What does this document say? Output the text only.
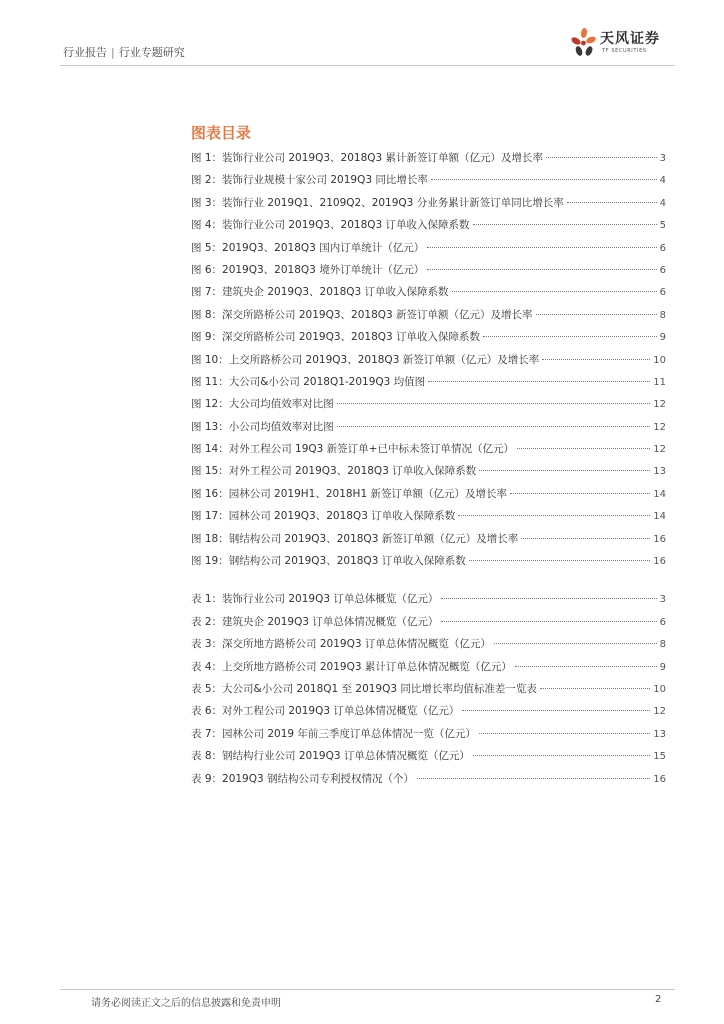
行业报告 | 行业专题研究
天风证券
TF SECURITIES
图表目录
图 1：装饰行业公司 2019Q3、2018Q3 累计新签订单额（亿元）及增长率	3
图 2：装饰行业规模十家公司 2019Q3 同比增长率	4
图 3：装饰行业 2019Q1、2109Q2、2019Q3 分业务累计新签订单同比增长率	4
图 4：装饰行业公司 2019Q3、2018Q3 订单收入保障系数	5
图 5：2019Q3、2018Q3 国内订单统计（亿元）	6
图 6：2019Q3、2018Q3 境外订单统计（亿元）	6
图 7：建筑央企 2019Q3、2018Q3 订单收入保障系数	6
图 8：深交所路桥公司 2019Q3、2018Q3 新签订单额（亿元）及增长率	8
图 9：深交所路桥公司 2019Q3、2018Q3 订单收入保障系数	9
图 10：上交所路桥公司 2019Q3、2018Q3 新签订单额（亿元）及增长率	10
图 11：大公司&小公司 2018Q1-2019Q3 均值图	11
图 12：大公司均值效率对比图	12
图 13：小公司均值效率对比图	12
图 14：对外工程公司 19Q3 新签订单+已中标未签订单情况（亿元）	12
图 15：对外工程公司 2019Q3、2018Q3 订单收入保障系数	13
图 16：园林公司 2019H1、2018H1 新签订单额（亿元）及增长率	14
图 17：园林公司 2019Q3、2018Q3 订单收入保障系数	14
图 18：钢结构公司 2019Q3、2018Q3 新签订单额（亿元）及增长率	16
图 19：钢结构公司 2019Q3、2018Q3 订单收入保障系数	16
表 1：装饰行业公司 2019Q3 订单总体概览（亿元）	3
表 2：建筑央企 2019Q3 订单总体情况概览（亿元）	6
表 3：深交所地方路桥公司 2019Q3 订单总体情况概览（亿元）	8
表 4：上交所地方路桥公司 2019Q3 累计订单总体情况概览（亿元）	9
表 5：大公司&小公司 2018Q1 至 2019Q3 同比增长率均值标准差一览表	10
表 6：对外工程公司 2019Q3 订单总体情况概览（亿元）	12
表 7：园林公司 2019 年前三季度订单总体情况一览（亿元）	13
表 8：钢结构行业公司 2019Q3 订单总体情况概览（亿元）	15
表 9：2019Q3 钢结构公司专利授权情况（个）	16
请务必阅读正文之后的信息披露和免责申明	2
